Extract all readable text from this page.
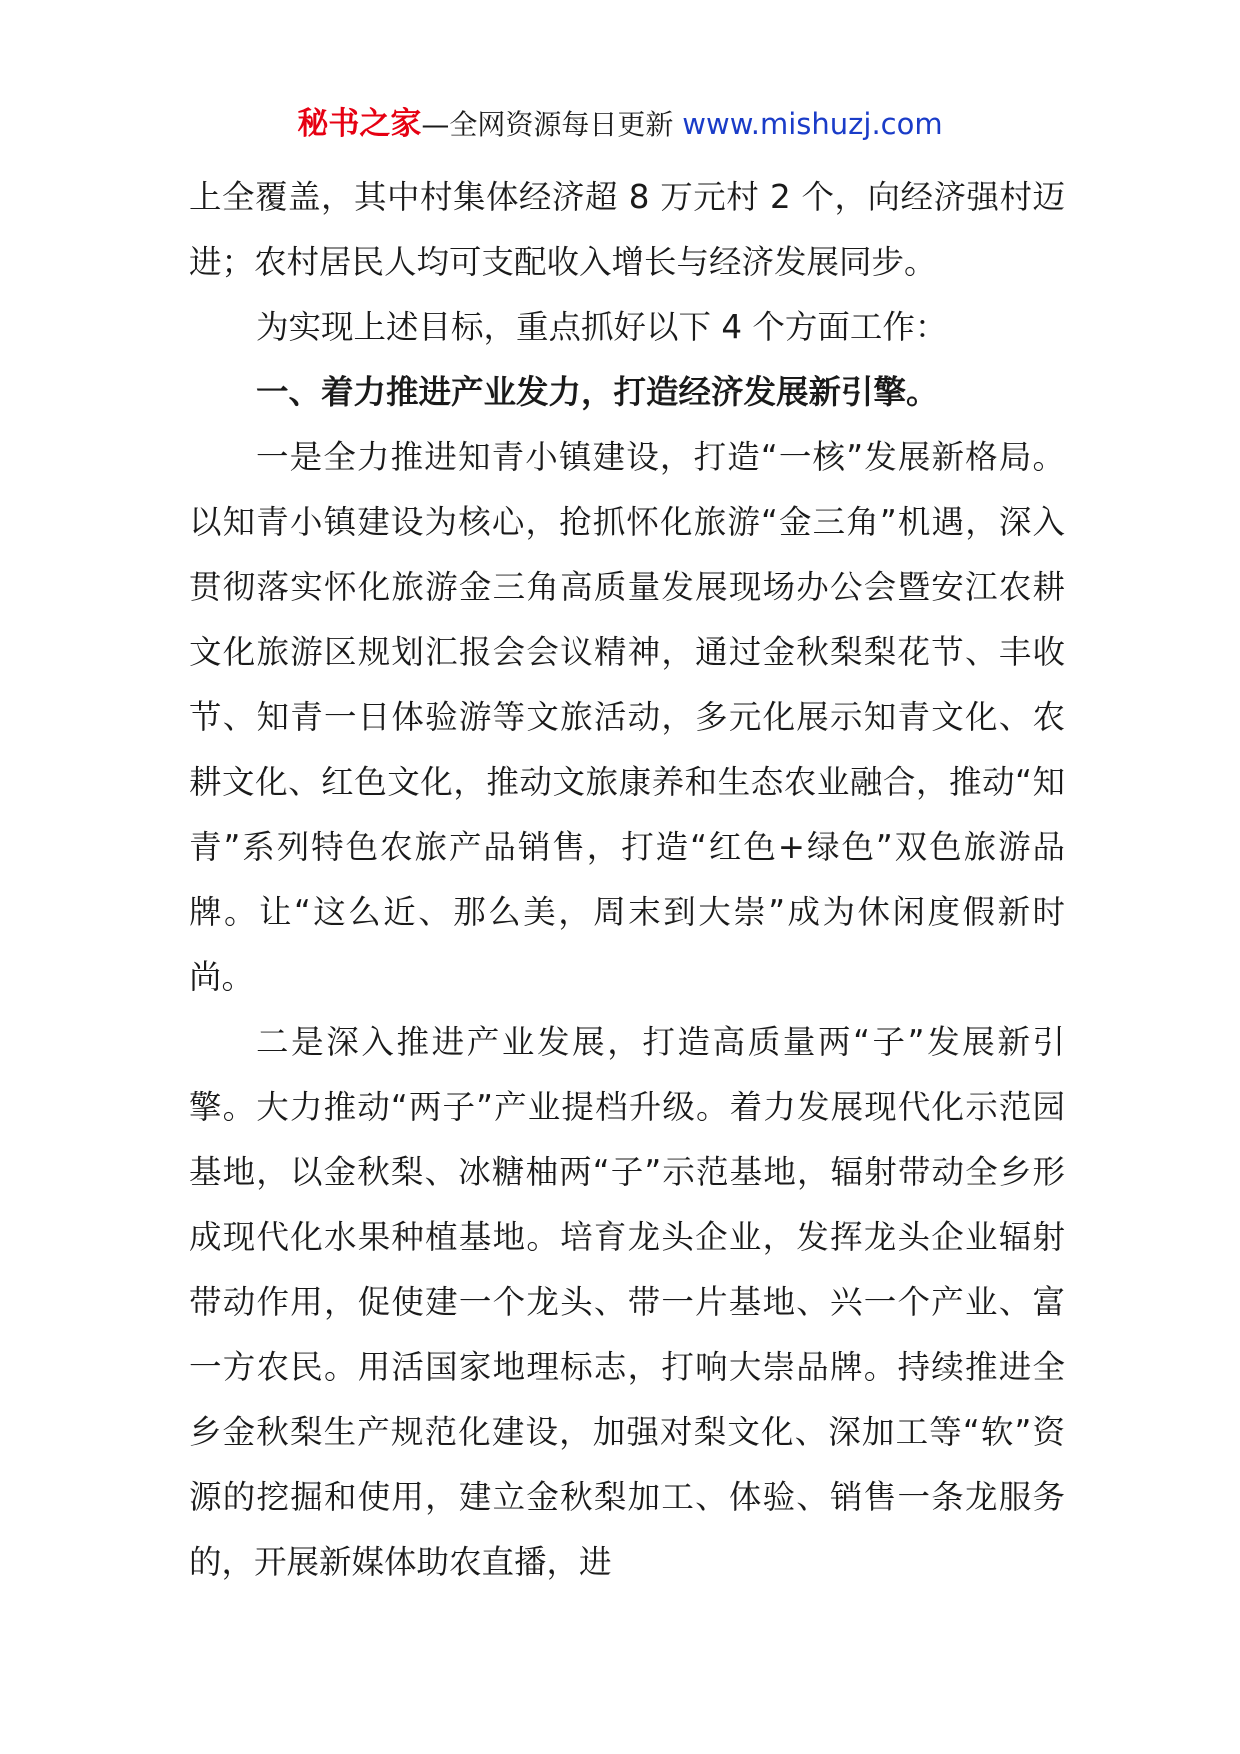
秘书之家—全网资源每日更新 www.mishuzj.com

上全覆盖，其中村集体经济超 8 万元村 2 个，向经济强村迈进；农村居民人均可支配收入增长与经济发展同步。

为实现上述目标，重点抓好以下 4 个方面工作：

一、着力推进产业发力，打造经济发展新引擎。

一是全力推进知青小镇建设，打造“一核”发展新格局。以知青小镇建设为核心，抢抓怀化旅游“金三角”机遇，深入贯彻落实怀化旅游金三角高质量发展现场办公会暨安江农耕文化旅游区规划汇报会会议精神，通过金秋梨梨花节、丰收节、知青一日体验游等文旅活动，多元化展示知青文化、农耕文化、红色文化，推动文旅康养和生态农业融合，推动“知青”系列特色农旅产品销售，打造“红色+绿色”双色旅游品牌。让“这么近、那么美，周末到大崇”成为休闲度假新时尚。

二是深入推进产业发展，打造高质量两“子”发展新引擎。大力推动“两子”产业提档升级。着力发展现代化示范园基地，以金秋梨、冰糖柚两“子”示范基地，辐射带动全乡形成现代化水果种植基地。培育龙头企业，发挥龙头企业辐射带动作用，促使建一个龙头、带一片基地、兴一个产业、富一方农民。用活国家地理标志，打响大崇品牌。持续推进全乡金秋梨生产规范化建设，加强对梨文化、深加工等“软”资源的挖掘和使用，建立金秋梨加工、体验、销售一条龙服务的，开展新媒体助农直播，进
